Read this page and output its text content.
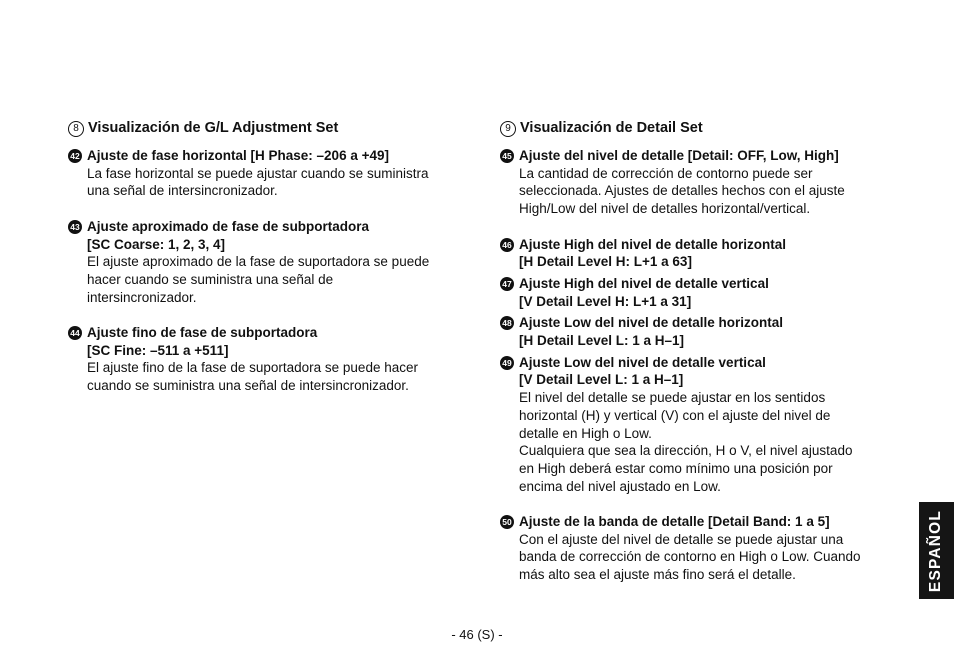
8 Visualización de G/L Adjustment Set
42 Ajuste de fase horizontal [H Phase: –206 a +49]
La fase horizontal se puede ajustar cuando se suministra
una señal de intersincronizador.
43 Ajuste aproximado de fase de subportadora
[SC Coarse: 1, 2, 3, 4]
El ajuste aproximado de la fase de suportadora se puede
hacer cuando se suministra una señal de
intersincronizador.
44 Ajuste fino de fase de subportadora
[SC Fine: –511 a +511]
El ajuste fino de la fase de suportadora se puede hacer
cuando se suministra una señal de intersincronizador.
9 Visualización de Detail Set
45 Ajuste del nivel de detalle [Detail: OFF, Low, High]
La cantidad de corrección de contorno puede ser
seleccionada. Ajustes de detalles hechos con el ajuste
High/Low del nivel de detalles horizontal/vertical.
46 Ajuste High del nivel de detalle horizontal
[H Detail Level H: L+1 a 63]
47 Ajuste High del nivel de detalle vertical
[V Detail Level H: L+1 a 31]
48 Ajuste Low del nivel de detalle horizontal
[H Detail Level L: 1 a H–1]
49 Ajuste Low del nivel de detalle vertical
[V Detail Level L: 1 a H–1]
El nivel del detalle se puede ajustar en los sentidos
horizontal (H) y vertical (V) con el ajuste del nivel de
detalle en High o Low.
Cualquiera que sea la dirección, H o V, el nivel ajustado
en High deberá estar como mínimo una posición por
encima del nivel ajustado en Low.
50 Ajuste de la banda de detalle [Detail Band: 1 a 5]
Con el ajuste del nivel de detalle se puede ajustar una
banda de corrección de contorno en High o Low. Cuando
más alto sea el ajuste más fino será el detalle.
- 46 (S) -
ESPAÑOL
